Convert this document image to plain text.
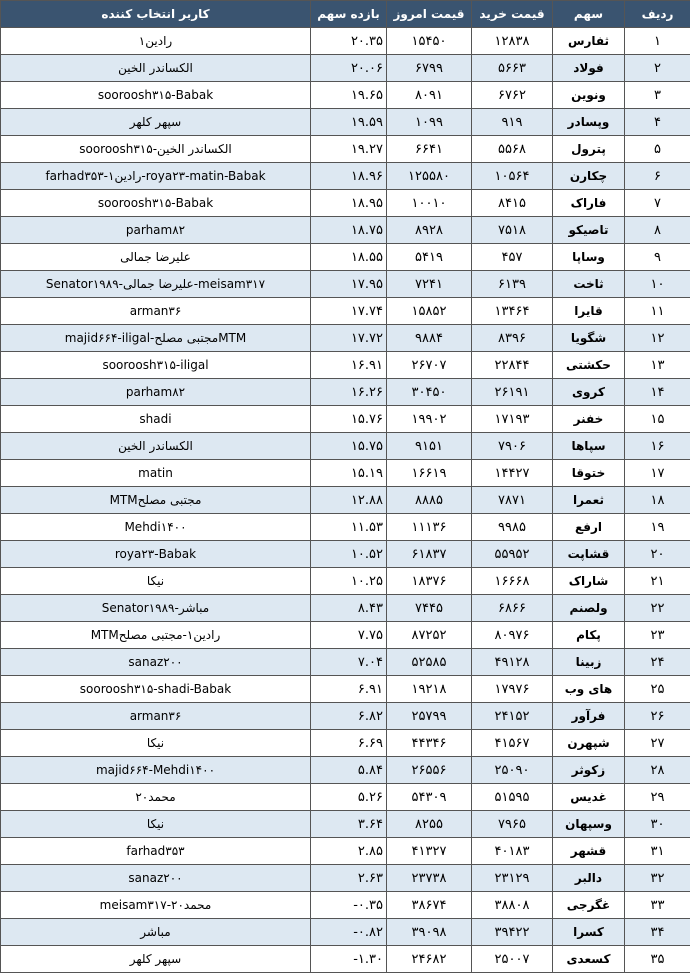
ردیف	سهم	قیمت خرید	قیمت امروز	بازده سهم	کاربر انتخاب کننده
۱	ثفارس	۱۲۸۳۸	۱۵۴۵۰	۲۰.۳۵	رادین۱
۲	فولاد	۵۶۶۳	۶۷۹۹	۲۰.۰۶	الکساندر الخین
۳	ونوین	۶۷۶۲	۸۰۹۱	۱۹.۶۵	sooroosh۳۱۵-Babak
۴	وپسادر	۹۱۹	۱۰۹۹	۱۹.۵۹	سپهر کلهر
۵	پترول	۵۵۶۸	۶۶۴۱	۱۹.۲۷	الکساندر الخین-sooroosh۳۱۵
۶	چکارن	۱۰۵۶۴	۱۲۵۵۸۰	۱۸.۹۶	farhad۳۵۳-رادین۱-roya۲۳-matin-Babak
۷	فاراک	۸۴۱۵	۱۰۰۱۰	۱۸.۹۵	sooroosh۳۱۵-Babak
۸	تاصیکو	۷۵۱۸	۸۹۲۸	۱۸.۷۵	parham۸۲
۹	وساپا	۴۵۷	۵۴۱۹	۱۸.۵۵	علیرضا جمالی
۱۰	ثاخت	۶۱۳۹	۷۲۴۱	۱۷.۹۵	Senator۱۹۸۹-علیرضا جمالی-meisam۳۱۷
۱۱	قایرا	۱۳۴۶۴	۱۵۸۵۲	۱۷.۷۴	arman۳۶
۱۲	شگویا	۸۳۹۶	۹۸۸۴	۱۷.۷۲	majid۶۶۴-iligal-مجتبی مصلحMTM
۱۳	حکشتی	۲۲۸۴۴	۲۶۷۰۷	۱۶.۹۱	sooroosh۳۱۵-iligal
۱۴	کروی	۲۶۱۹۱	۳۰۴۵۰	۱۶.۲۶	parham۸۲
۱۵	خفنر	۱۷۱۹۳	۱۹۹۰۲	۱۵.۷۶	shadi
۱۶	سپاها	۷۹۰۶	۹۱۵۱	۱۵.۷۵	الکساندر الخین
۱۷	ختوقا	۱۴۴۲۷	۱۶۶۱۹	۱۵.۱۹	matin
۱۸	ثعمرا	۷۸۷۱	۸۸۸۵	۱۲.۸۸	مجتبی مصلحMTM
۱۹	ارفع	۹۹۸۵	۱۱۱۳۶	۱۱.۵۳	Mehdi۱۴۰۰
۲۰	قشاپت	۵۵۹۵۲	۶۱۸۳۷	۱۰.۵۲	roya۲۳-Babak
۲۱	شاراک	۱۶۶۶۸	۱۸۳۷۶	۱۰.۲۵	نیکا
۲۲	ولصنم	۶۸۶۶	۷۴۴۵	۸.۴۳	Senator۱۹۸۹-مباشر
۲۳	پکام	۸۰۹۷۶	۸۷۲۵۲	۷.۷۵	رادین۱-مجتبی مصلحMTM
۲۴	زبینا	۴۹۱۲۸	۵۲۵۸۵	۷.۰۴	sanaz۲۰۰
۲۵	های وب	۱۷۹۷۶	۱۹۲۱۸	۶.۹۱	sooroosh۳۱۵-shadi-Babak
۲۶	فرآور	۲۴۱۵۲	۲۵۷۹۹	۶.۸۲	arman۳۶
۲۷	شپهرن	۴۱۵۶۷	۴۴۳۴۶	۶.۶۹	نیکا
۲۸	زکوثر	۲۵۰۹۰	۲۶۵۵۶	۵.۸۴	majid۶۶۴-Mehdi۱۴۰۰
۲۹	غدیس	۵۱۵۹۵	۵۴۳۰۹	۵.۲۶	محمد۲۰
۳۰	وسپهان	۷۹۶۵	۸۲۵۵	۳.۶۴	نیکا
۳۱	قشهر	۴۰۱۸۳	۴۱۳۲۷	۲.۸۵	farhad۳۵۳
۳۲	دالبر	۲۳۱۲۹	۲۳۷۳۸	۲.۶۳	sanaz۲۰۰
۳۳	غگرجی	۳۸۸۰۸	۳۸۶۷۴	-۰.۳۵	meisam۳۱۷-محمد۲۰
۳۴	کسرا	۳۹۴۲۲	۳۹۰۹۸	-۰.۸۲	مباشر
۳۵	کسعدی	۲۵۰۰۷	۲۴۶۸۲	-۱.۳۰	سپهر کلهر
